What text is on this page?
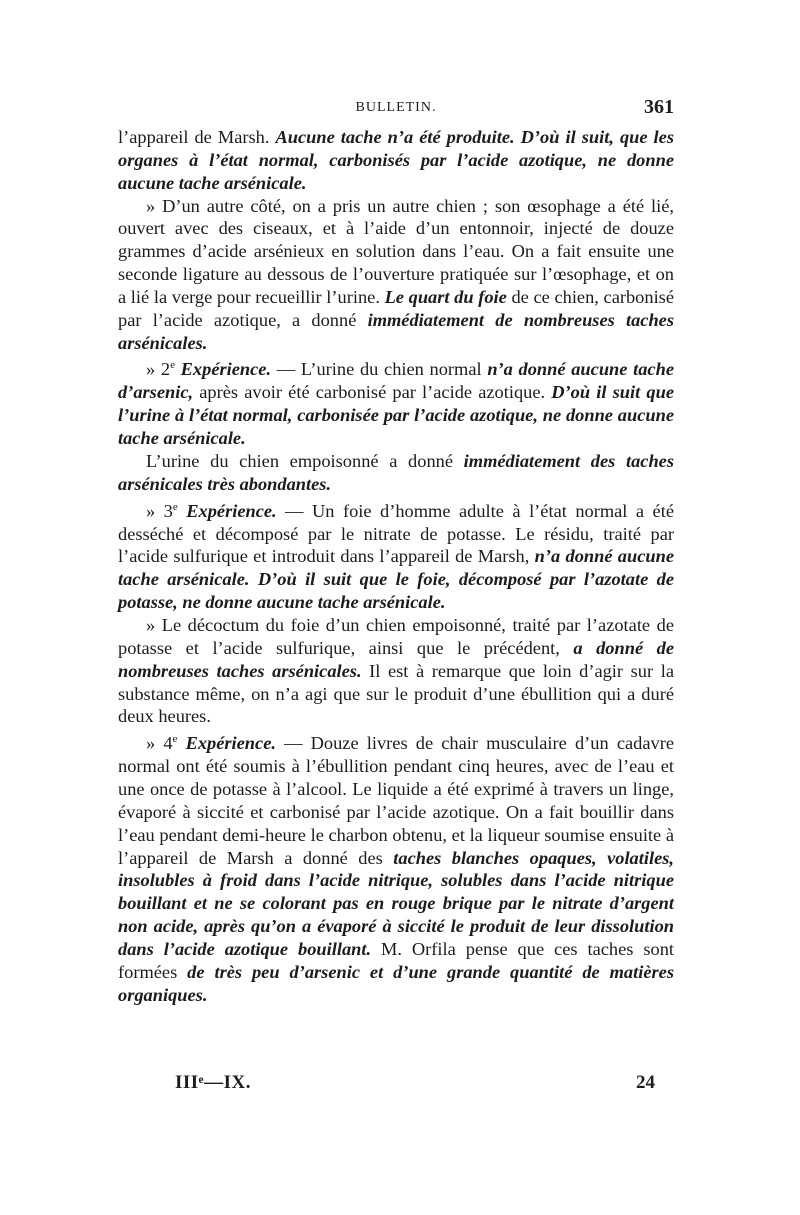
BULLETIN.	361

l’appareil de Marsh. Aucune tache n’a été produite. D’où il suit, que les organes à l’état normal, carbonisés par l’acide azotique, ne donne aucune tache arsénicale.

» D’un autre côté, on a pris un autre chien ; son œsophage a été lié, ouvert avec des ciseaux, et à l’aide d’un entonnoir, injecté de douze grammes d’acide arsénieux en solution dans l’eau. On a fait ensuite une seconde ligature au dessous de l’ouverture pratiquée sur l’œsophage, et on a lié la verge pour recueillir l’urine. Le quart du foie de ce chien, carbonisé par l’acide azotique, a donné immédiatement de nombreuses taches arsénicales.

» 2e Expérience. — L’urine du chien normal n’a donné aucune tache d’arsenic, après avoir été carbonisé par l’acide azotique. D’où il suit que l’urine à l’état normal, carbonisée par l’acide azotique, ne donne aucune tache arsénicale.

L’urine du chien empoisonné a donné immédiatement des taches arsénicales très abondantes.

» 3e Expérience. — Un foie d’homme adulte à l’état normal a été desséché et décomposé par le nitrate de potasse. Le résidu, traité par l’acide sulfurique et introduit dans l’appareil de Marsh, n’a donné aucune tache arsénicale. D’où il suit que le foie, décomposé par l’azotate de potasse, ne donne aucune tache arsénicale.

» Le décoctum du foie d’un chien empoisonné, traité par l’azotate de potasse et l’acide sulfurique, ainsi que le précédent, a donné de nombreuses taches arsénicales. Il est à remarque que loin d’agir sur la substance même, on n’a agi que sur le produit d’une ébullition qui a duré deux heures.

» 4e Expérience. — Douze livres de chair musculaire d’un cadavre normal ont été soumis à l’ébullition pendant cinq heures, avec de l’eau et une once de potasse à l’alcool. Le liquide a été exprimé à travers un linge, évaporé à siccité et carbonisé par l’acide azotique. On a fait bouillir dans l’eau pendant demi-heure le charbon obtenu, et la liqueur soumise ensuite à l’appareil de Marsh a donné des taches blanches opaques, volatiles, insolubles à froid dans l’acide nitrique, solubles dans l’acide nitrique bouillant et ne se colorant pas en rouge brique par le nitrate d’argent non acide, après qu’on a évaporé à siccité le produit de leur dissolution dans l’acide azotique bouillant. M. Orfila pense que ces taches sont formées de très peu d’arsenic et d’une grande quantité de matières organiques.

IIIᵉ—IX.	24
